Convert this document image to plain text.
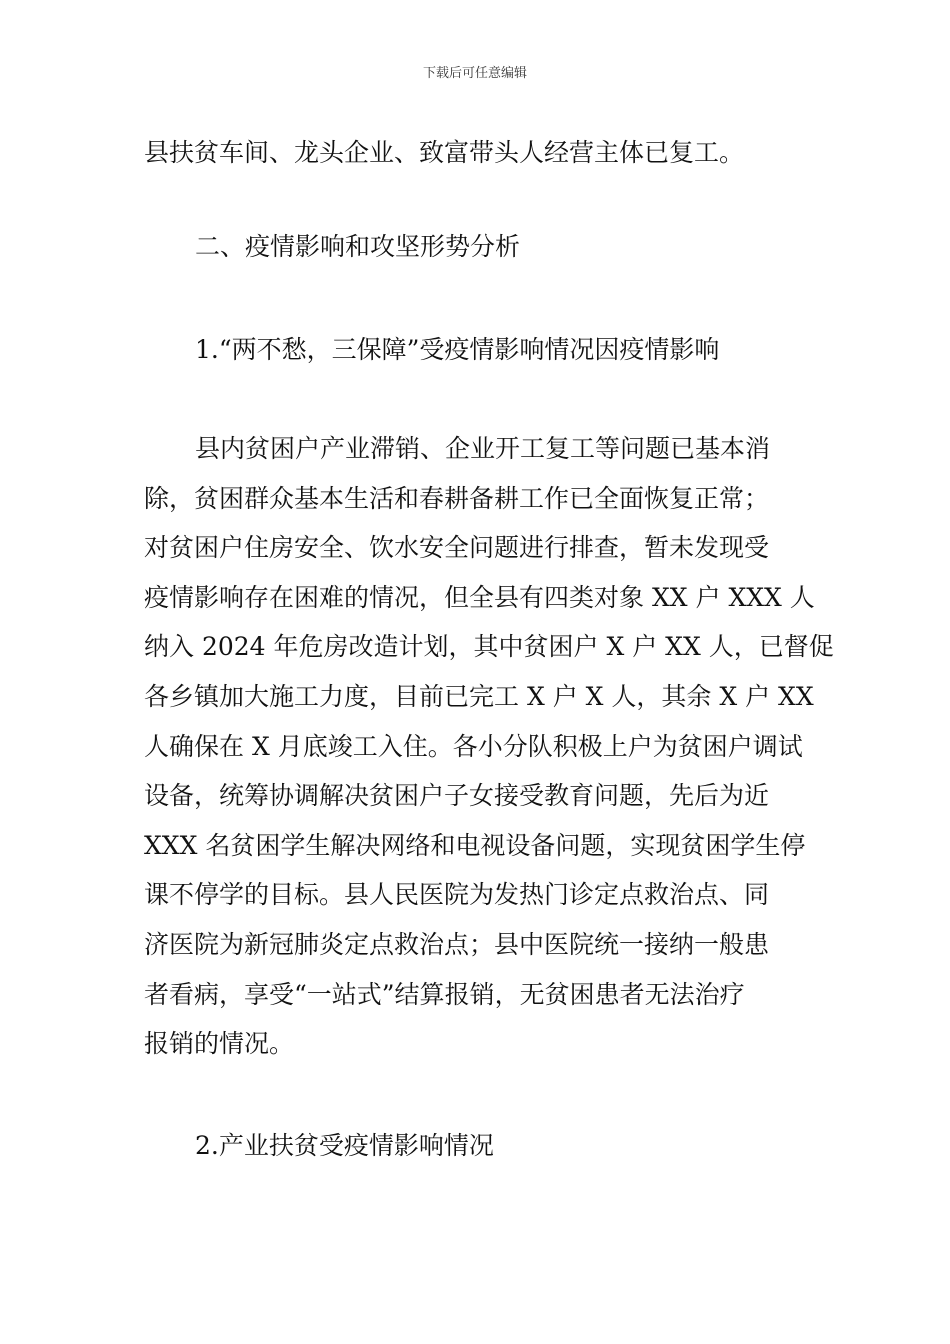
下载后可任意编辑
县扶贫车间、龙头企业、致富带头人经营主体已复工。
二、疫情影响和攻坚形势分析
1.“两不愁，三保障”受疫情影响情况因疫情影响
县内贫困户产业滞销、企业开工复工等问题已基本消
除，贫困群众基本生活和春耕备耕工作已全面恢复正常；
对贫困户住房安全、饮水安全问题进行排查，暂未发现受
疫情影响存在困难的情况，但全县有四类对象 XX 户 XXX 人
纳入 2024 年危房改造计划，其中贫困户 X 户 XX 人，已督促
各乡镇加大施工力度，目前已完工 X 户 X 人，其余 X 户 XX
人确保在 X 月底竣工入住。各小分队积极上户为贫困户调试
设备，统筹协调解决贫困户子女接受教育问题，先后为近
XXX 名贫困学生解决网络和电视设备问题，实现贫困学生停
课不停学的目标。县人民医院为发热门诊定点救治点、同
济医院为新冠肺炎定点救治点；县中医院统一接纳一般患
者看病，享受“一站式”结算报销，无贫困患者无法治疗
报销的情况。
2.产业扶贫受疫情影响情况
